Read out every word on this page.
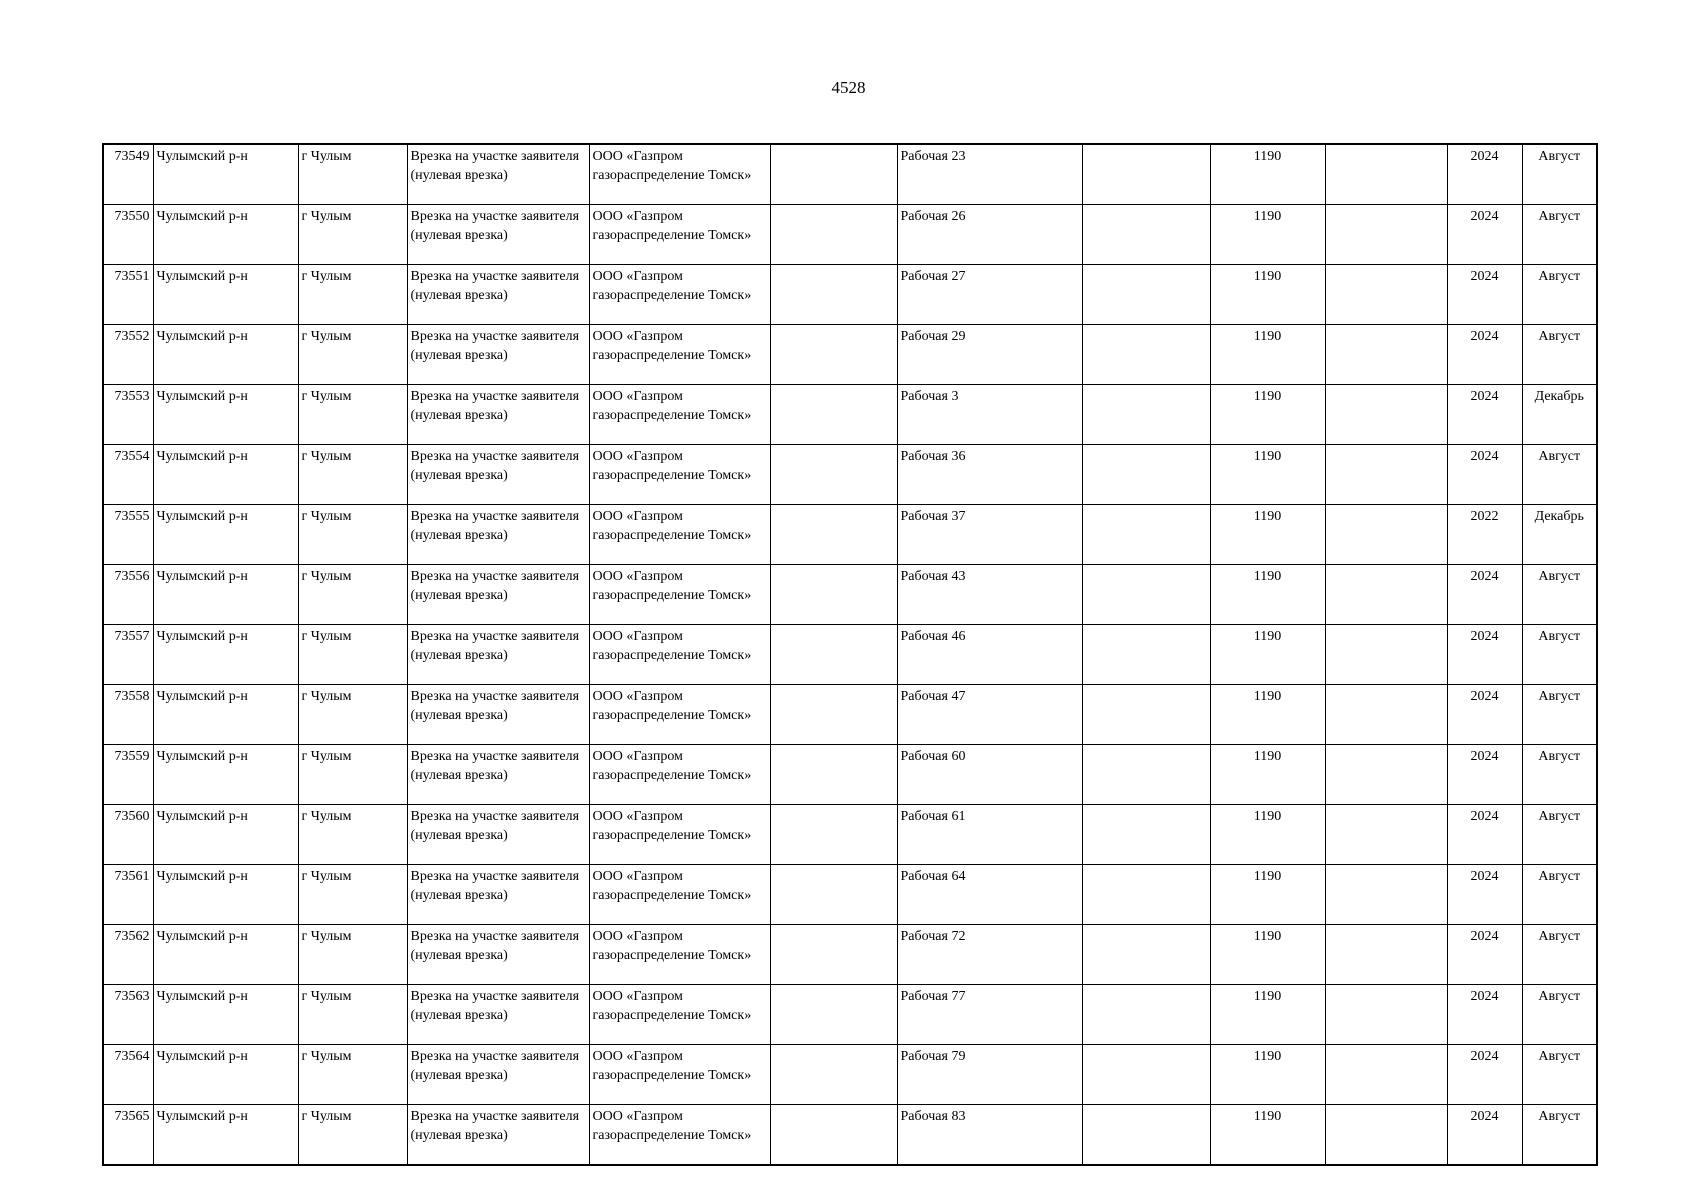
4528
73549	Чулымский р-н	г Чулым	Врезка на участке заявителя (нулевая врезка)	ООО «Газпром газораспределение Томск»		Рабочая 23		1190		2024	Август
73550	Чулымский р-н	г Чулым	Врезка на участке заявителя (нулевая врезка)	ООО «Газпром газораспределение Томск»		Рабочая 26		1190		2024	Август
73551	Чулымский р-н	г Чулым	Врезка на участке заявителя (нулевая врезка)	ООО «Газпром газораспределение Томск»		Рабочая 27		1190		2024	Август
73552	Чулымский р-н	г Чулым	Врезка на участке заявителя (нулевая врезка)	ООО «Газпром газораспределение Томск»		Рабочая 29		1190		2024	Август
73553	Чулымский р-н	г Чулым	Врезка на участке заявителя (нулевая врезка)	ООО «Газпром газораспределение Томск»		Рабочая 3		1190		2024	Декабрь
73554	Чулымский р-н	г Чулым	Врезка на участке заявителя (нулевая врезка)	ООО «Газпром газораспределение Томск»		Рабочая 36		1190		2024	Август
73555	Чулымский р-н	г Чулым	Врезка на участке заявителя (нулевая врезка)	ООО «Газпром газораспределение Томск»		Рабочая 37		1190		2022	Декабрь
73556	Чулымский р-н	г Чулым	Врезка на участке заявителя (нулевая врезка)	ООО «Газпром газораспределение Томск»		Рабочая 43		1190		2024	Август
73557	Чулымский р-н	г Чулым	Врезка на участке заявителя (нулевая врезка)	ООО «Газпром газораспределение Томск»		Рабочая 46		1190		2024	Август
73558	Чулымский р-н	г Чулым	Врезка на участке заявителя (нулевая врезка)	ООО «Газпром газораспределение Томск»		Рабочая 47		1190		2024	Август
73559	Чулымский р-н	г Чулым	Врезка на участке заявителя (нулевая врезка)	ООО «Газпром газораспределение Томск»		Рабочая 60		1190		2024	Август
73560	Чулымский р-н	г Чулым	Врезка на участке заявителя (нулевая врезка)	ООО «Газпром газораспределение Томск»		Рабочая 61		1190		2024	Август
73561	Чулымский р-н	г Чулым	Врезка на участке заявителя (нулевая врезка)	ООО «Газпром газораспределение Томск»		Рабочая 64		1190		2024	Август
73562	Чулымский р-н	г Чулым	Врезка на участке заявителя (нулевая врезка)	ООО «Газпром газораспределение Томск»		Рабочая 72		1190		2024	Август
73563	Чулымский р-н	г Чулым	Врезка на участке заявителя (нулевая врезка)	ООО «Газпром газораспределение Томск»		Рабочая 77		1190		2024	Август
73564	Чулымский р-н	г Чулым	Врезка на участке заявителя (нулевая врезка)	ООО «Газпром газораспределение Томск»		Рабочая 79		1190		2024	Август
73565	Чулымский р-н	г Чулым	Врезка на участке заявителя (нулевая врезка)	ООО «Газпром газораспределение Томск»		Рабочая 83		1190		2024	Август
